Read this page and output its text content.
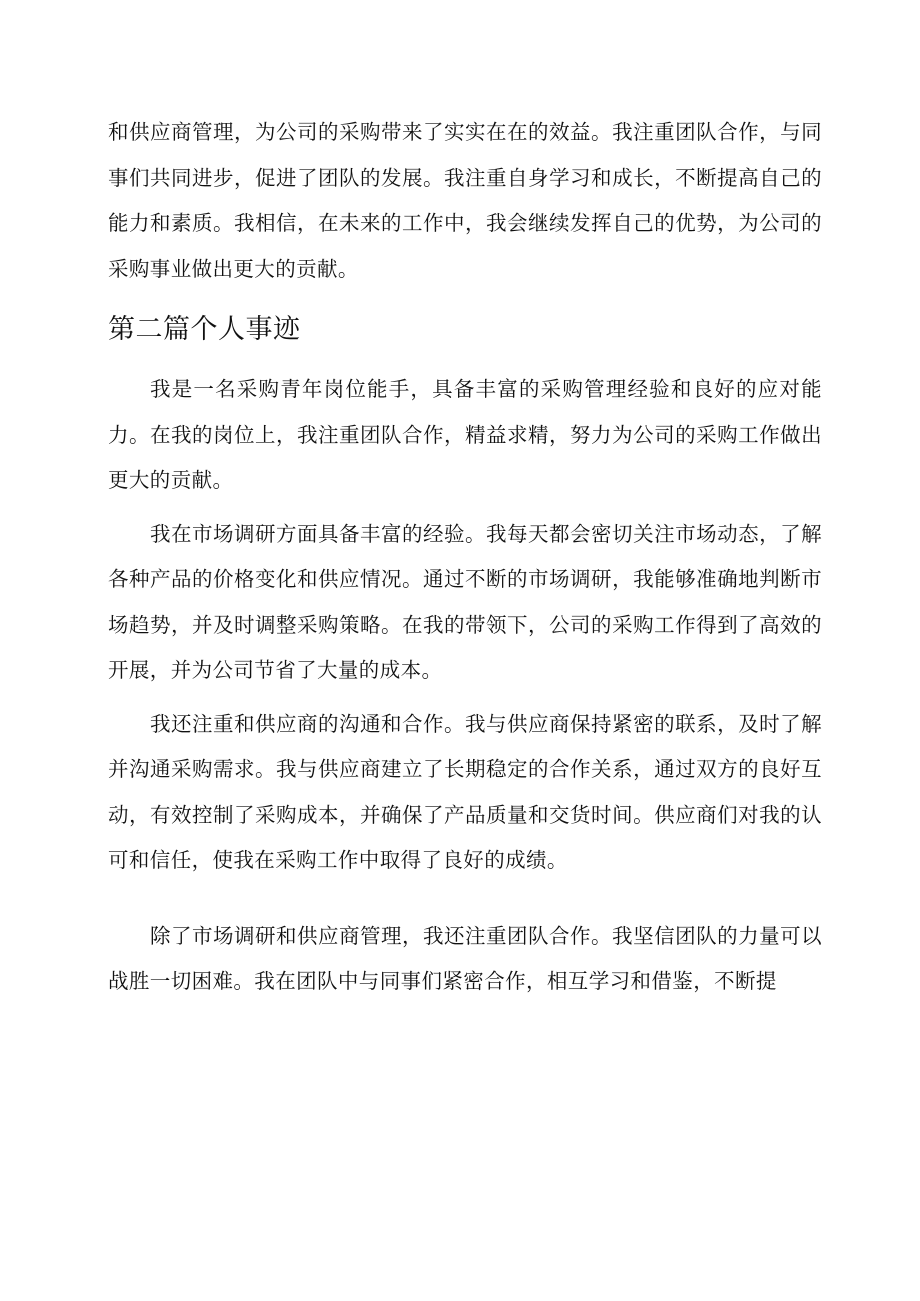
和供应商管理，为公司的采购带来了实实在在的效益。我注重团队合作，与同事们共同进步，促进了团队的发展。我注重自身学习和成长，不断提高自己的能力和素质。我相信，在未来的工作中，我会继续发挥自己的优势，为公司的采购事业做出更大的贡献。

第二篇个人事迹

我是一名采购青年岗位能手，具备丰富的采购管理经验和良好的应对能力。在我的岗位上，我注重团队合作，精益求精，努力为公司的采购工作做出更大的贡献。

我在市场调研方面具备丰富的经验。我每天都会密切关注市场动态，了解各种产品的价格变化和供应情况。通过不断的市场调研，我能够准确地判断市场趋势，并及时调整采购策略。在我的带领下，公司的采购工作得到了高效的开展，并为公司节省了大量的成本。

我还注重和供应商的沟通和合作。我与供应商保持紧密的联系，及时了解并沟通采购需求。我与供应商建立了长期稳定的合作关系，通过双方的良好互动，有效控制了采购成本，并确保了产品质量和交货时间。供应商们对我的认可和信任，使我在采购工作中取得了良好的成绩。

除了市场调研和供应商管理，我还注重团队合作。我坚信团队的力量可以战胜一切困难。我在团队中与同事们紧密合作，相互学习和借鉴，不断提
